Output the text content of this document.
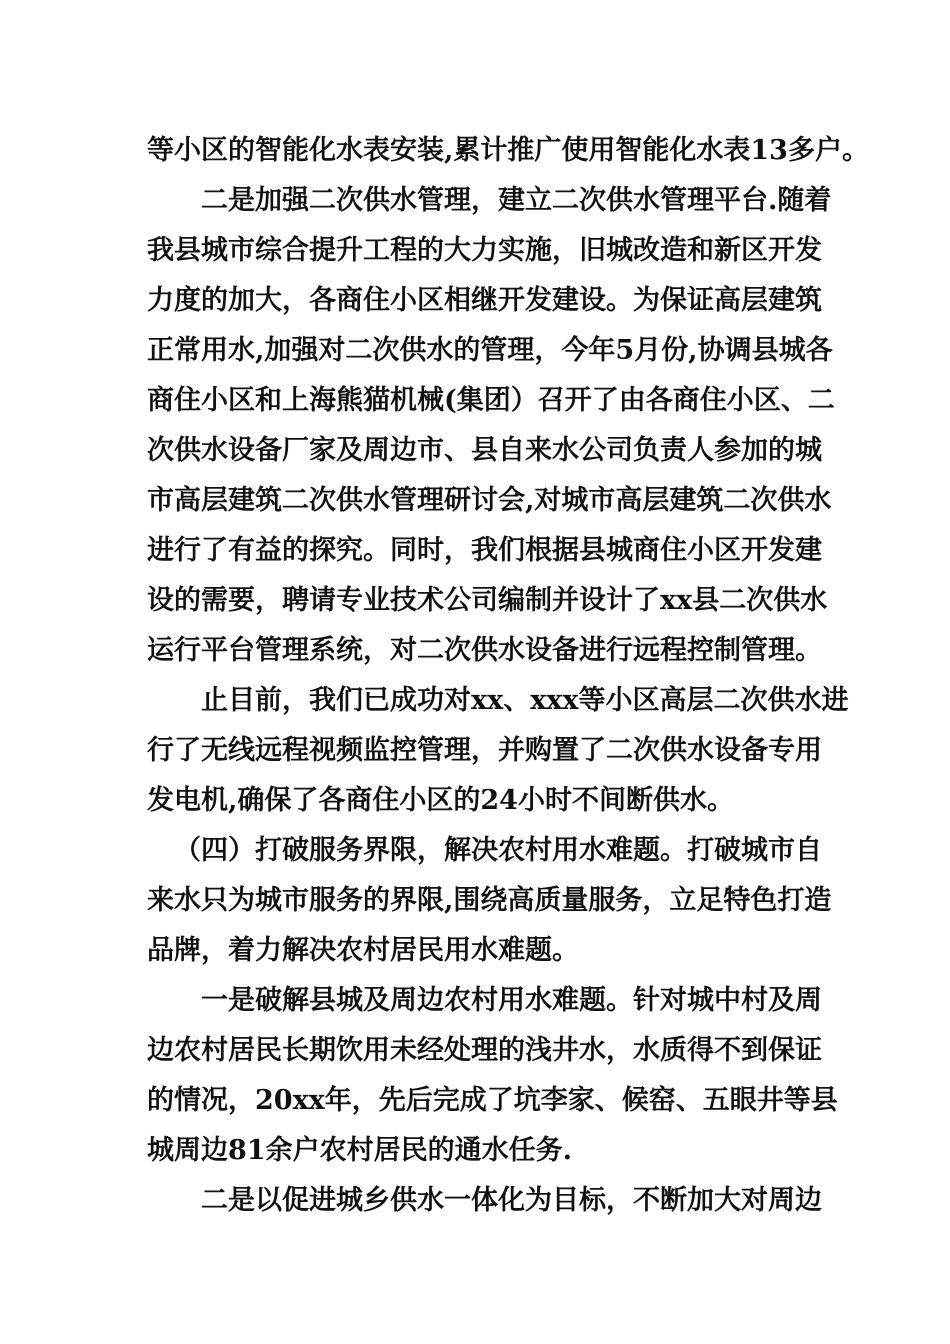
等小区的智能化水表安装,累计推广使用智能化水表13多户。
二是加强二次供水管理，建立二次供水管理平台.随着
我县城市综合提升工程的大力实施，旧城改造和新区开发
力度的加大，各商住小区相继开发建设。为保证高层建筑
正常用水,加强对二次供水的管理，今年5月份,协调县城各
商住小区和上海熊猫机械(集团）召开了由各商住小区、二
次供水设备厂家及周边市、县自来水公司负责人参加的城
市高层建筑二次供水管理研讨会,对城市高层建筑二次供水
进行了有益的探究。同时，我们根据县城商住小区开发建
设的需要，聘请专业技术公司编制并设计了xx县二次供水
运行平台管理系统，对二次供水设备进行远程控制管理。
止目前，我们已成功对xx、xxx等小区高层二次供水进
行了无线远程视频监控管理，并购置了二次供水设备专用
发电机,确保了各商住小区的24小时不间断供水。
（四）打破服务界限，解决农村用水难题。打破城市自
来水只为城市服务的界限,围绕高质量服务，立足特色打造
品牌，着力解决农村居民用水难题。
一是破解县城及周边农村用水难题。针对城中村及周
边农村居民长期饮用未经处理的浅井水，水质得不到保证
的情况，20xx年，先后完成了坑李家、候窑、五眼井等县
城周边81余户农村居民的通水任务.
二是以促进城乡供水一体化为目标，不断加大对周边
